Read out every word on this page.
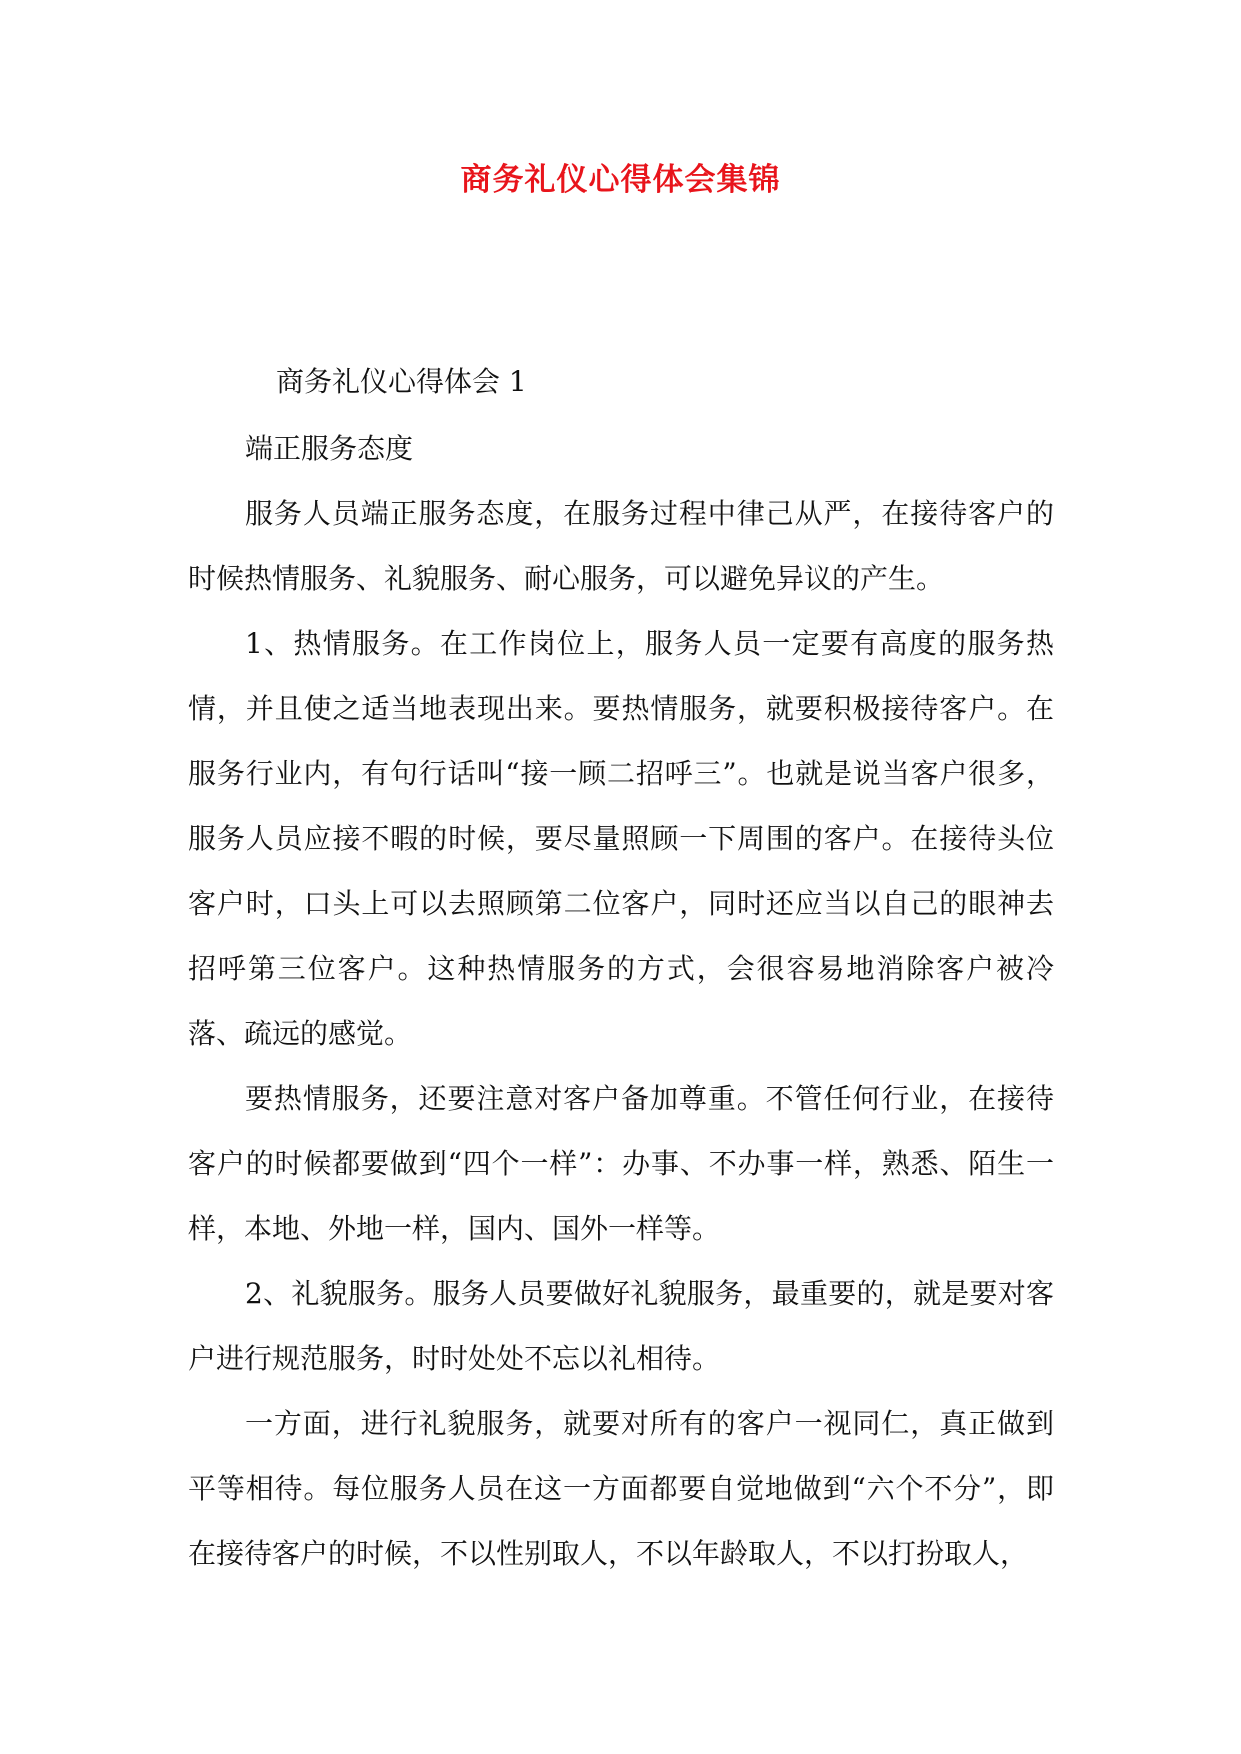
商务礼仪心得体会集锦

商务礼仪心得体会 1

端正服务态度

服务人员端正服务态度，在服务过程中律己从严，在接待客户的时候热情服务、礼貌服务、耐心服务，可以避免异议的产生。

1、热情服务。在工作岗位上，服务人员一定要有高度的服务热情，并且使之适当地表现出来。要热情服务，就要积极接待客户。在服务行业内，有句行话叫“接一顾二招呼三”。也就是说当客户很多，服务人员应接不暇的时候，要尽量照顾一下周围的客户。在接待头位客户时，口头上可以去照顾第二位客户，同时还应当以自己的眼神去招呼第三位客户。这种热情服务的方式，会很容易地消除客户被冷落、疏远的感觉。

要热情服务，还要注意对客户备加尊重。不管任何行业，在接待客户的时候都要做到“四个一样”：办事、不办事一样，熟悉、陌生一样，本地、外地一样，国内、国外一样等。

2、礼貌服务。服务人员要做好礼貌服务，最重要的，就是要对客户进行规范服务，时时处处不忘以礼相待。

一方面，进行礼貌服务，就要对所有的客户一视同仁，真正做到平等相待。每位服务人员在这一方面都要自觉地做到“六个不分”，即在接待客户的时候，不以性别取人，不以年龄取人，不以打扮取人，
